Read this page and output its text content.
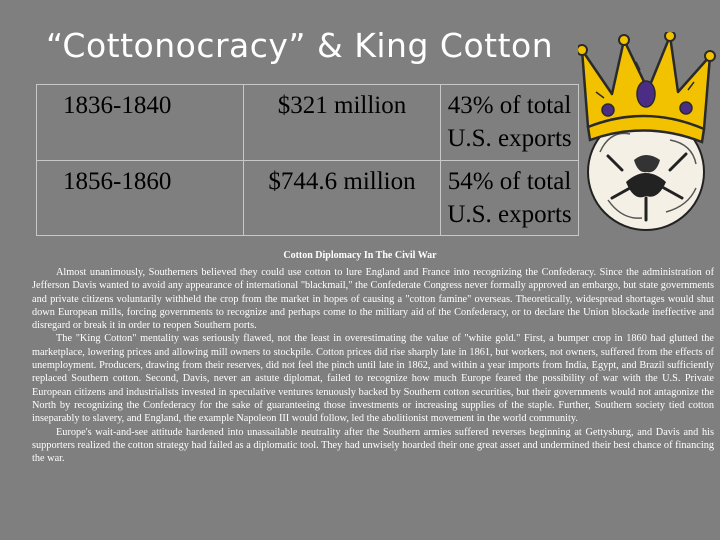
“Cottonocracy” & King Cotton
1836-1840	$321 million	43% of total
U.S. exports

1856-1860	$744.6 million	54% of total
U.S. exports
Cotton Diplomacy In The Civil War

Almost unanimously, Southerners believed they could use cotton to lure England and France into recognizing the Confederacy. Since the administration of Jefferson Davis wanted to avoid any appearance of international "blackmail," the Confederate Congress never formally approved an embargo, but state governments and private citizens voluntarily withheld the crop from the market in hopes of causing a "cotton famine" overseas. Theoretically, widespread shortages would shut down European mills, forcing governments to recognize and perhaps come to the military aid of the Confederacy, or to declare the Union blockade ineffective and disregard or break it in order to reopen Southern ports.

The "King Cotton" mentality was seriously flawed, not the least in overestimating the value of "white gold." First, a bumper crop in 1860 had glutted the marketplace, lowering prices and allowing mill owners to stockpile. Cotton prices did rise sharply late in 1861, but workers, not owners, suffered from the effects of unemployment. Producers, drawing from their reserves, did not feel the pinch until late in 1862, and within a year imports from India, Egypt, and Brazil sufficiently replaced Southern cotton. Second, Davis, never an astute diplomat, failed to recognize how much Europe feared the possibility of war with the U.S. Private European citizens and industrialists invested in speculative ventures tenuously backed by Southern cotton securities, but their governments would not antagonize the North by recognizing the Confederacy for the sake of guaranteeing those investments or increasing supplies of the staple. Further, Southern society tied cotton inseparably to slavery, and England, the example Napoleon III would follow, led the abolitionist movement in the world community.

Europe's wait-and-see attitude hardened into unassailable neutrality after the Southern armies suffered reverses beginning at Gettysburg, and Davis and his supporters realized the cotton strategy had failed as a diplomatic tool. They had unwisely hoarded their one great asset and undermined their best chance of financing the war.
